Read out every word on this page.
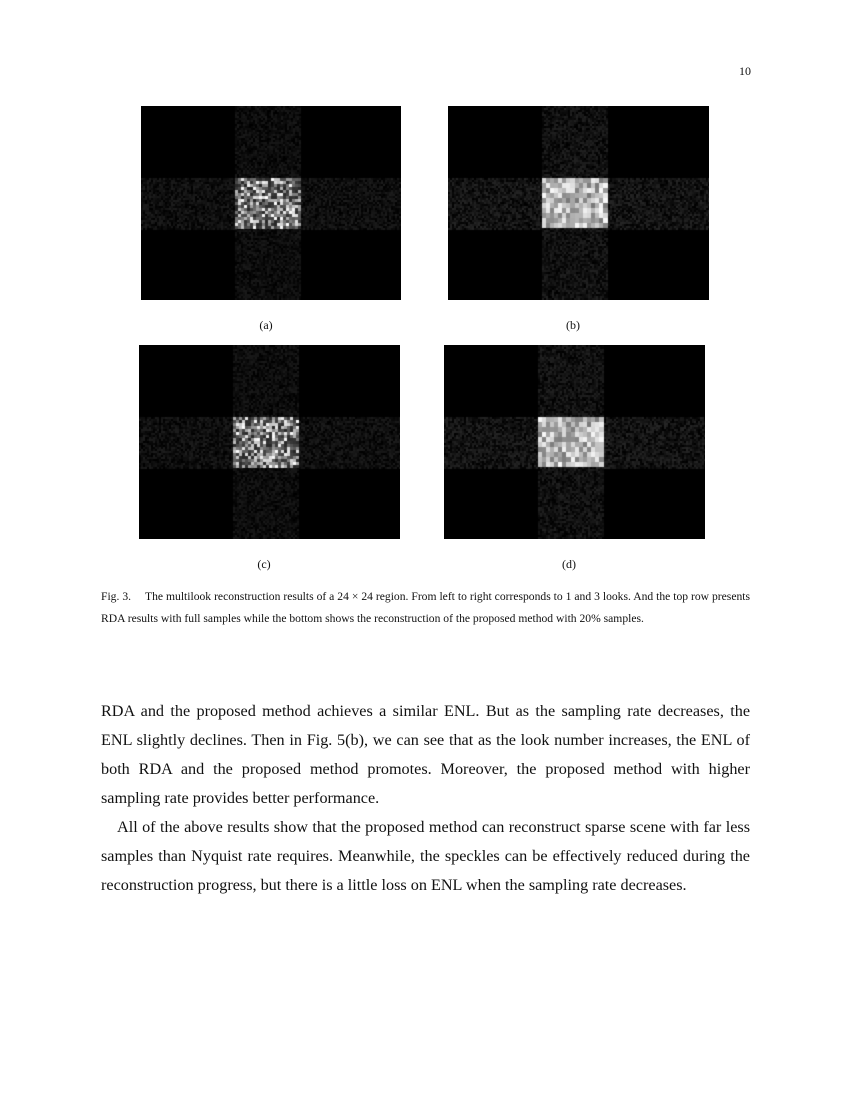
10
(a)	(b)
(c)	(d)
Fig. 3. The multilook reconstruction results of a 24 × 24 region. From left to right corresponds to 1 and 3 looks. And the top row presents RDA results with full samples while the bottom shows the reconstruction of the proposed method with 20% samples.

RDA and the proposed method achieves a similar ENL. But as the sampling rate decreases, the ENL slightly declines. Then in Fig. 5(b), we can see that as the look number increases, the ENL of both RDA and the proposed method promotes. Moreover, the proposed method with higher sampling rate provides better performance.

All of the above results show that the proposed method can reconstruct sparse scene with far less samples than Nyquist rate requires. Meanwhile, the speckles can be effectively reduced during the reconstruction progress, but there is a little loss on ENL when the sampling rate decreases.
